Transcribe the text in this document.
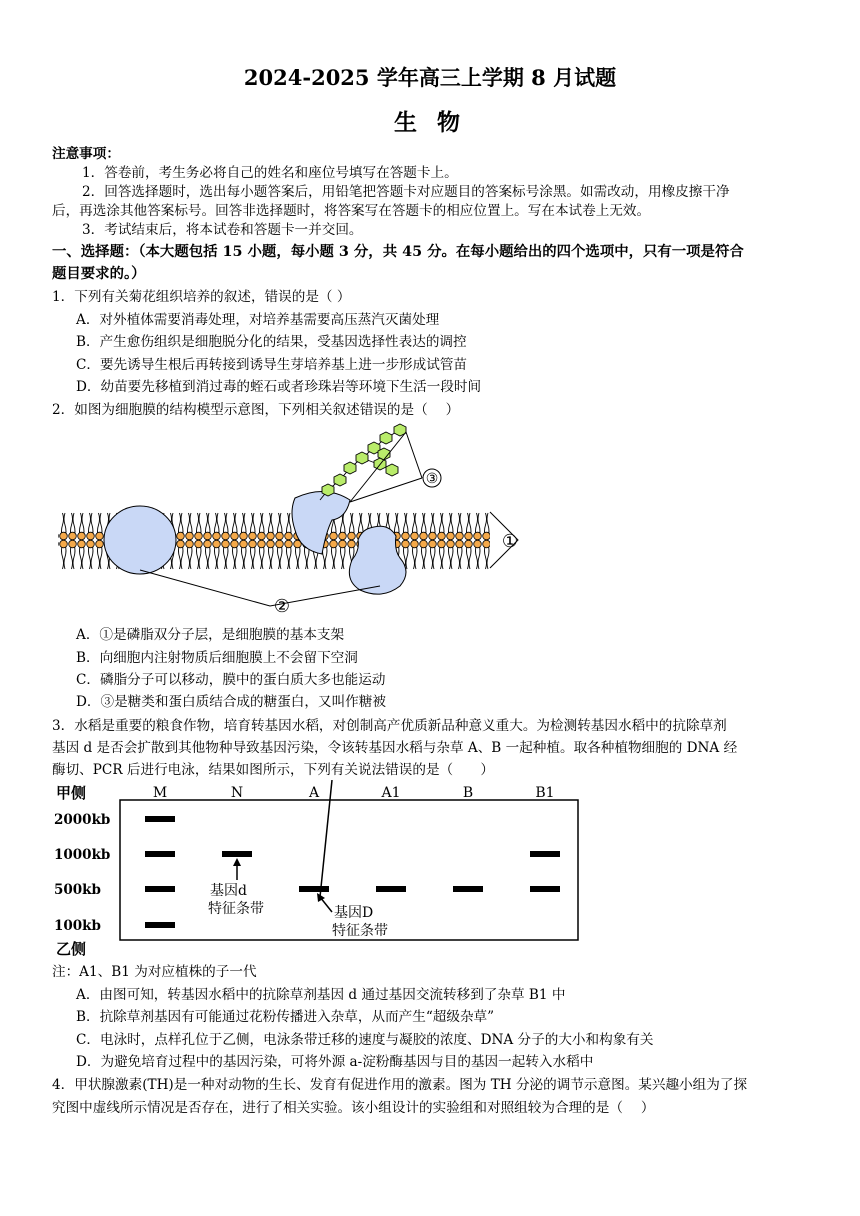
2024-2025 学年高三上学期 8 月试题
生 物
注意事项：
1．答卷前，考生务必将自己的姓名和座位号填写在答题卡上。
2．回答选择题时，选出每小题答案后，用铅笔把答题卡对应题目的答案标号涂黑。如需改动，用橡皮擦干净
后，再选涂其他答案标号。回答非选择题时，将答案写在答题卡的相应位置上。写在本试卷上无效。
3．考试结束后，将本试卷和答题卡一并交回。
一、选择题：（本大题包括 15 小题，每小题 3 分，共 45 分。在每小题给出的四个选项中，只有一项是符合
题目要求的。）
1．下列有关菊花组织培养的叙述，错误的是（ ）
A．对外植体需要消毒处理，对培养基需要高压蒸汽灭菌处理
B．产生愈伤组织是细胞脱分化的结果，受基因选择性表达的调控
C．要先诱导生根后再转接到诱导生芽培养基上进一步形成试管苗
D．幼苗要先移植到消过毒的蛭石或者珍珠岩等环境下生活一段时间
2．如图为细胞膜的结构模型示意图，下列相关叙述错误的是（　 ）
③
①
②
A．①是磷脂双分子层，是细胞膜的基本支架
B．向细胞内注射物质后细胞膜上不会留下空洞
C．磷脂分子可以移动，膜中的蛋白质大多也能运动
D．③是糖类和蛋白质结合成的糖蛋白，又叫作糖被
3．水稻是重要的粮食作物，培育转基因水稻，对创制高产优质新品种意义重大。为检测转基因水稻中的抗除草剂
基因 d 是否会扩散到其他物种导致基因污染，令该转基因水稻与杂草 A、B 一起种植。取各种植物细胞的 DNA 经
酶切、PCR 后进行电泳，结果如图所示，下列有关说法错误的是（　　）
甲侧
乙侧
M	N	A	A1	B	B1
2000kb
1000kb
500kb
100kb
基因d
特征条带	基因D
特征条带
注：A1、B1 为对应植株的子一代
A．由图可知，转基因水稻中的抗除草剂基因 d 通过基因交流转移到了杂草 B1 中
B．抗除草剂基因有可能通过花粉传播进入杂草，从而产生“超级杂草”
C．电泳时，点样孔位于乙侧，电泳条带迁移的速度与凝胶的浓度、DNA 分子的大小和构象有关
D．为避免培育过程中的基因污染，可将外源 a-淀粉酶基因与目的基因一起转入水稻中
4．甲状腺激素(TH)是一种对动物的生长、发育有促进作用的激素。图为 TH 分泌的调节示意图。某兴趣小组为了探
究图中虚线所示情况是否存在，进行了相关实验。该小组设计的实验组和对照组较为合理的是（　 ）
